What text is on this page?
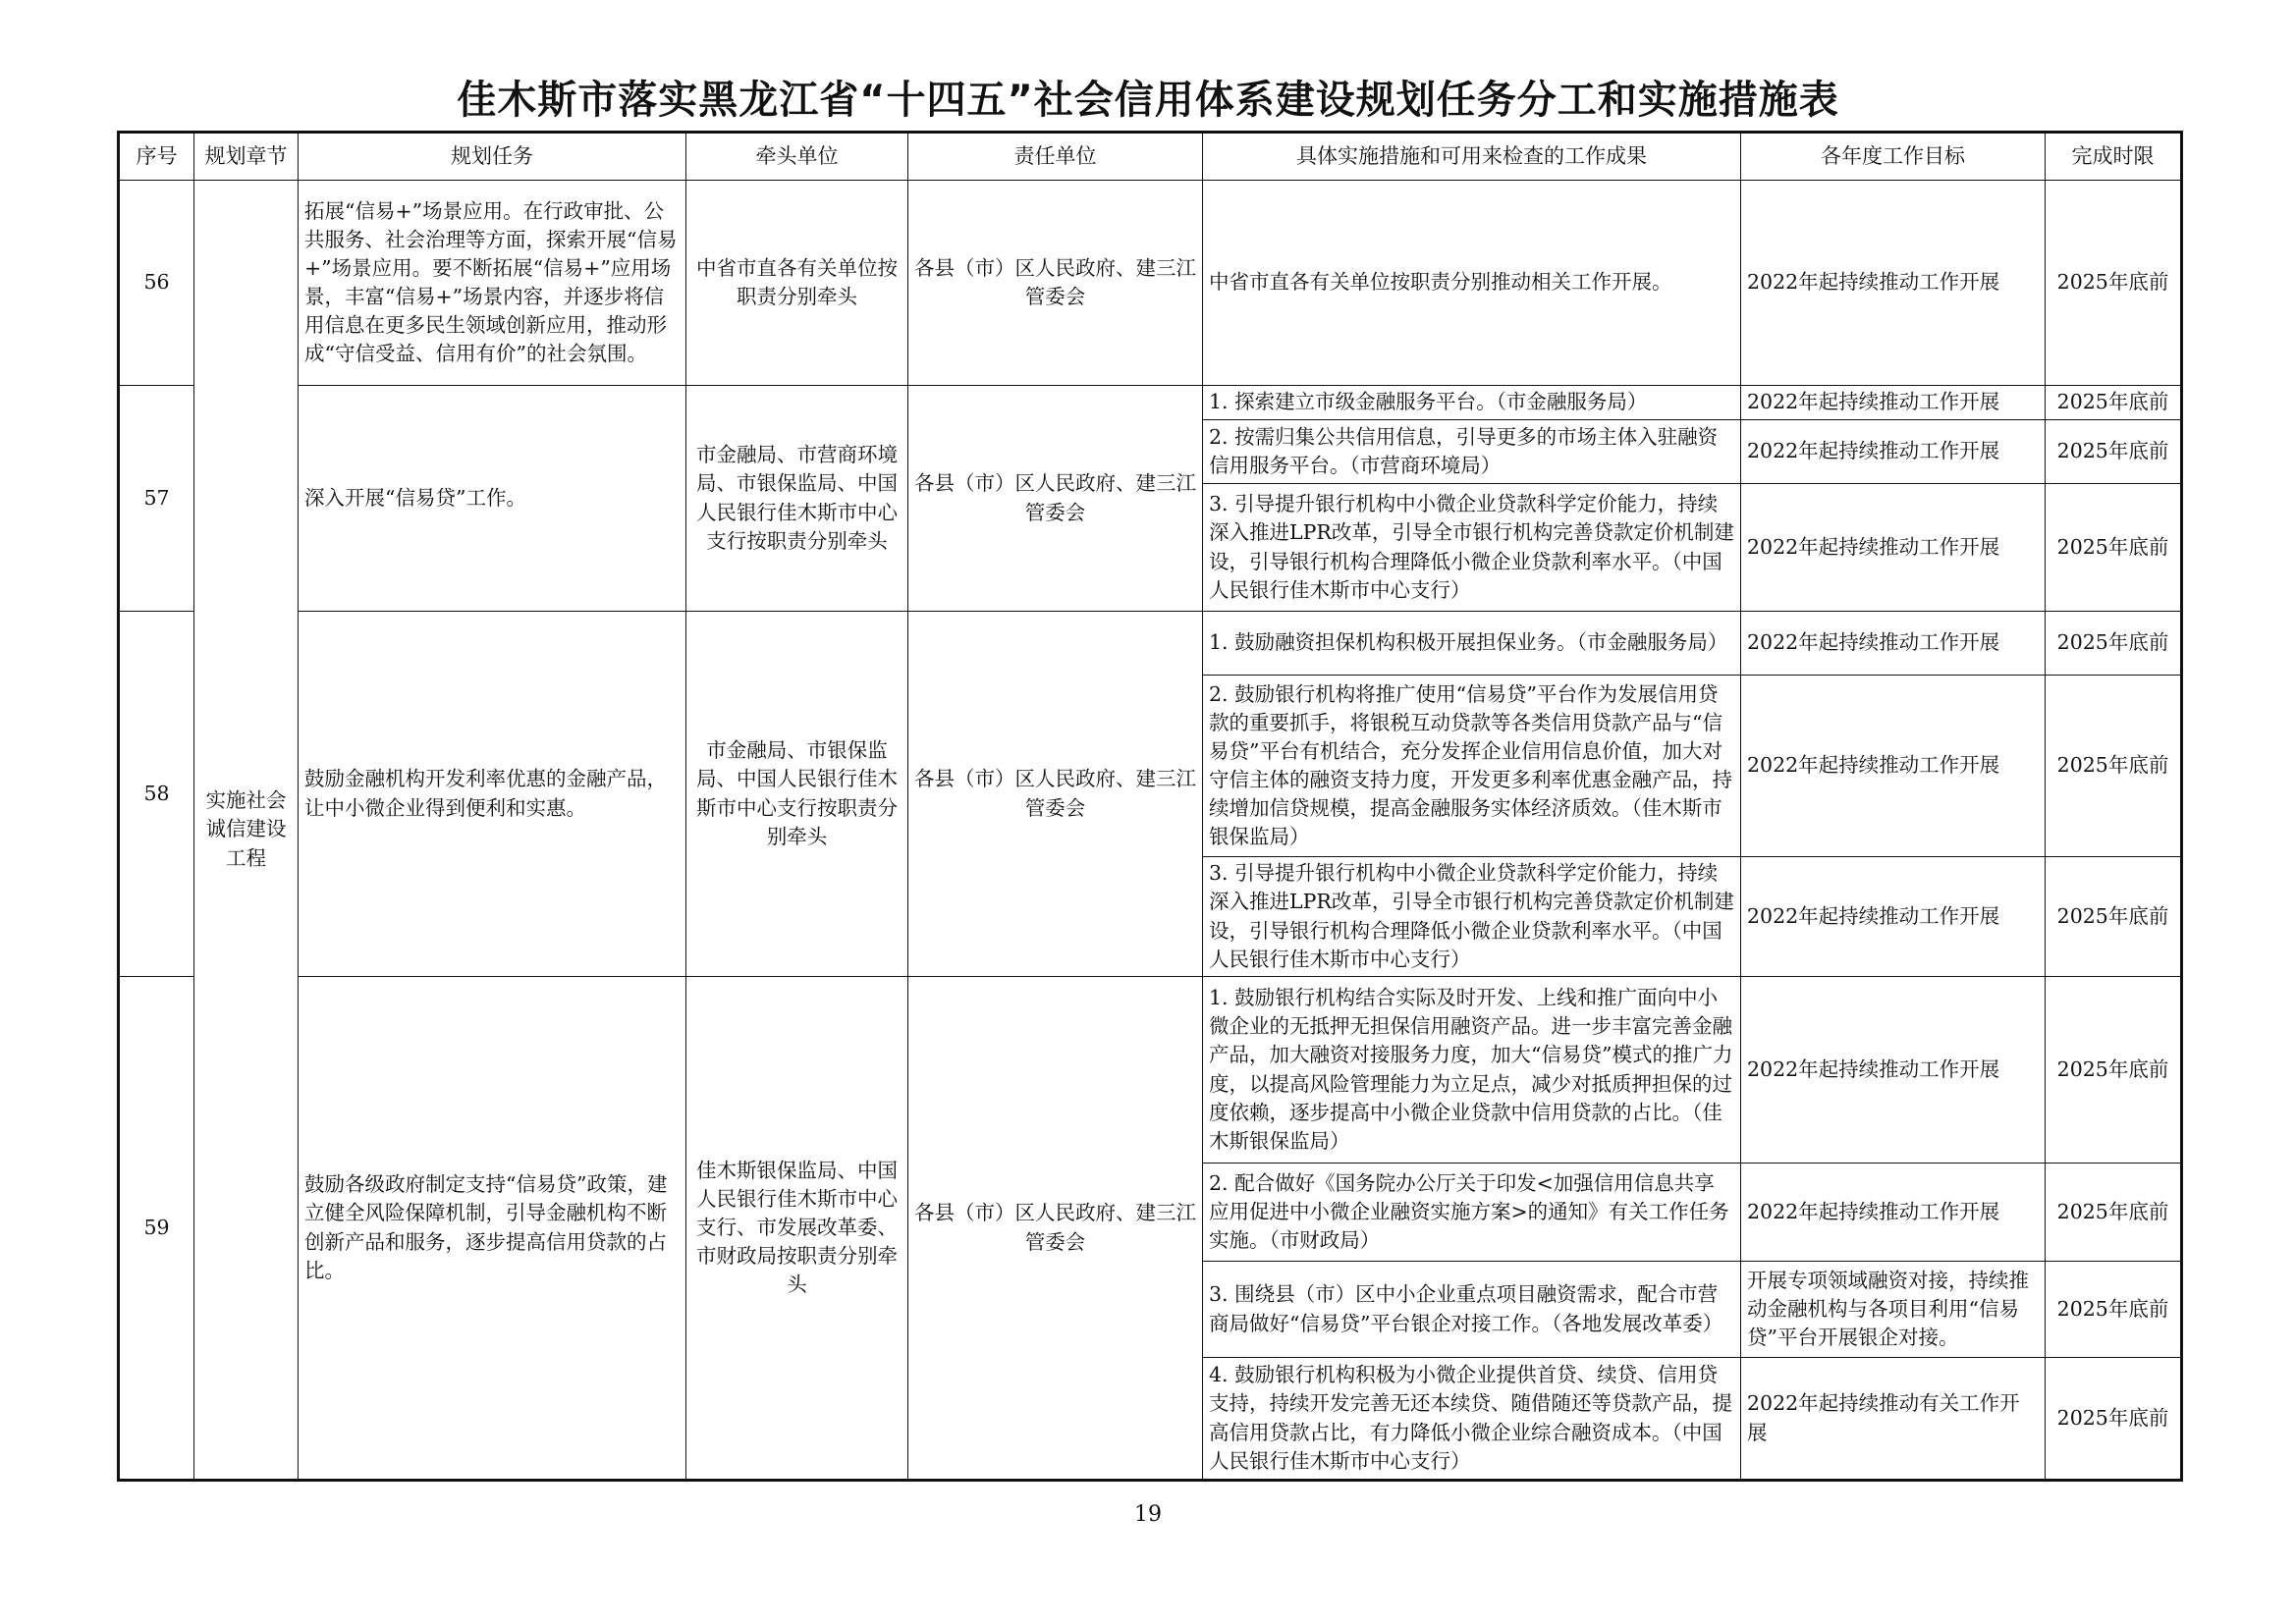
佳木斯市落实黑龙江省“十四五”社会信用体系建设规划任务分工和实施措施表
序号	规划章节	规划任务	牵头单位	责任单位	具体实施措施和可用来检查的工作成果	各年度工作目标	完成时限
56	实施社会诚信建设工程	拓展“信易+”场景应用。在行政审批、公共服务、社会治理等方面，探索开展“信易+”场景应用。要不断拓展“信易+”应用场景，丰富“信易+”场景内容，并逐步将信用信息在更多民生领域创新应用，推动形成“守信受益、信用有价”的社会氛围。	中省市直各有关单位按职责分别牵头	各县（市）区人民政府、建三江管委会	中省市直各有关单位按职责分别推动相关工作开展。	2022年起持续推动工作开展	2025年底前
57		深入开展“信易贷”工作。	市金融局、市营商环境局、市银保监局、中国人民银行佳木斯市中心支行按职责分别牵头	各县（市）区人民政府、建三江管委会	1. 探索建立市级金融服务平台。（市金融服务局）	2022年起持续推动工作开展	2025年底前
					2. 按需归集公共信用信息，引导更多的市场主体入驻融资信用服务平台。（市营商环境局）	2022年起持续推动工作开展	2025年底前
					3. 引导提升银行机构中小微企业贷款科学定价能力，持续深入推进LPR改革，引导全市银行机构完善贷款定价机制建设，引导银行机构合理降低小微企业贷款利率水平。（中国人民银行佳木斯市中心支行）	2022年起持续推动工作开展	2025年底前
58		鼓励金融机构开发利率优惠的金融产品，让中小微企业得到便利和实惠。	市金融局、市银保监局、中国人民银行佳木斯市中心支行按职责分别牵头	各县（市）区人民政府、建三江管委会	1. 鼓励融资担保机构积极开展担保业务。（市金融服务局）	2022年起持续推动工作开展	2025年底前
					2. 鼓励银行机构将推广使用“信易贷”平台作为发展信用贷款的重要抓手，将银税互动贷款等各类信用贷款产品与“信易贷”平台有机结合，充分发挥企业信用信息价值，加大对守信主体的融资支持力度，开发更多利率优惠金融产品，持续增加信贷规模，提高金融服务实体经济质效。（佳木斯市银保监局）	2022年起持续推动工作开展	2025年底前
					3. 引导提升银行机构中小微企业贷款科学定价能力，持续深入推进LPR改革，引导全市银行机构完善贷款定价机制建设，引导银行机构合理降低小微企业贷款利率水平。（中国人民银行佳木斯市中心支行）	2022年起持续推动工作开展	2025年底前
59		鼓励各级政府制定支持“信易贷”政策，建立健全风险保障机制，引导金融机构不断创新产品和服务，逐步提高信用贷款的占比。	佳木斯银保监局、中国人民银行佳木斯市中心支行、市发展改革委、市财政局按职责分别牵头	各县（市）区人民政府、建三江管委会	1. 鼓励银行机构结合实际及时开发、上线和推广面向中小微企业的无抵押无担保信用融资产品。进一步丰富完善金融产品，加大融资对接服务力度，加大“信易贷”模式的推广力度，以提高风险管理能力为立足点，减少对抵质押担保的过度依赖，逐步提高中小微企业贷款中信用贷款的占比。（佳木斯银保监局）	2022年起持续推动工作开展	2025年底前
					2. 配合做好《国务院办公厅关于印发<加强信用信息共享应用促进中小微企业融资实施方案>的通知》有关工作任务实施。（市财政局）	2022年起持续推动工作开展	2025年底前
					3. 围绕县（市）区中小企业重点项目融资需求，配合市营商局做好“信易贷”平台银企对接工作。（各地发展改革委）	开展专项领域融资对接，持续推动金融机构与各项目利用“信易贷”平台开展银企对接。	2025年底前
					4. 鼓励银行机构积极为小微企业提供首贷、续贷、信用贷支持，持续开发完善无还本续贷、随借随还等贷款产品，提高信用贷款占比，有力降低小微企业综合融资成本。（中国人民银行佳木斯市中心支行）	2022年起持续推动有关工作开展	2025年底前
19
